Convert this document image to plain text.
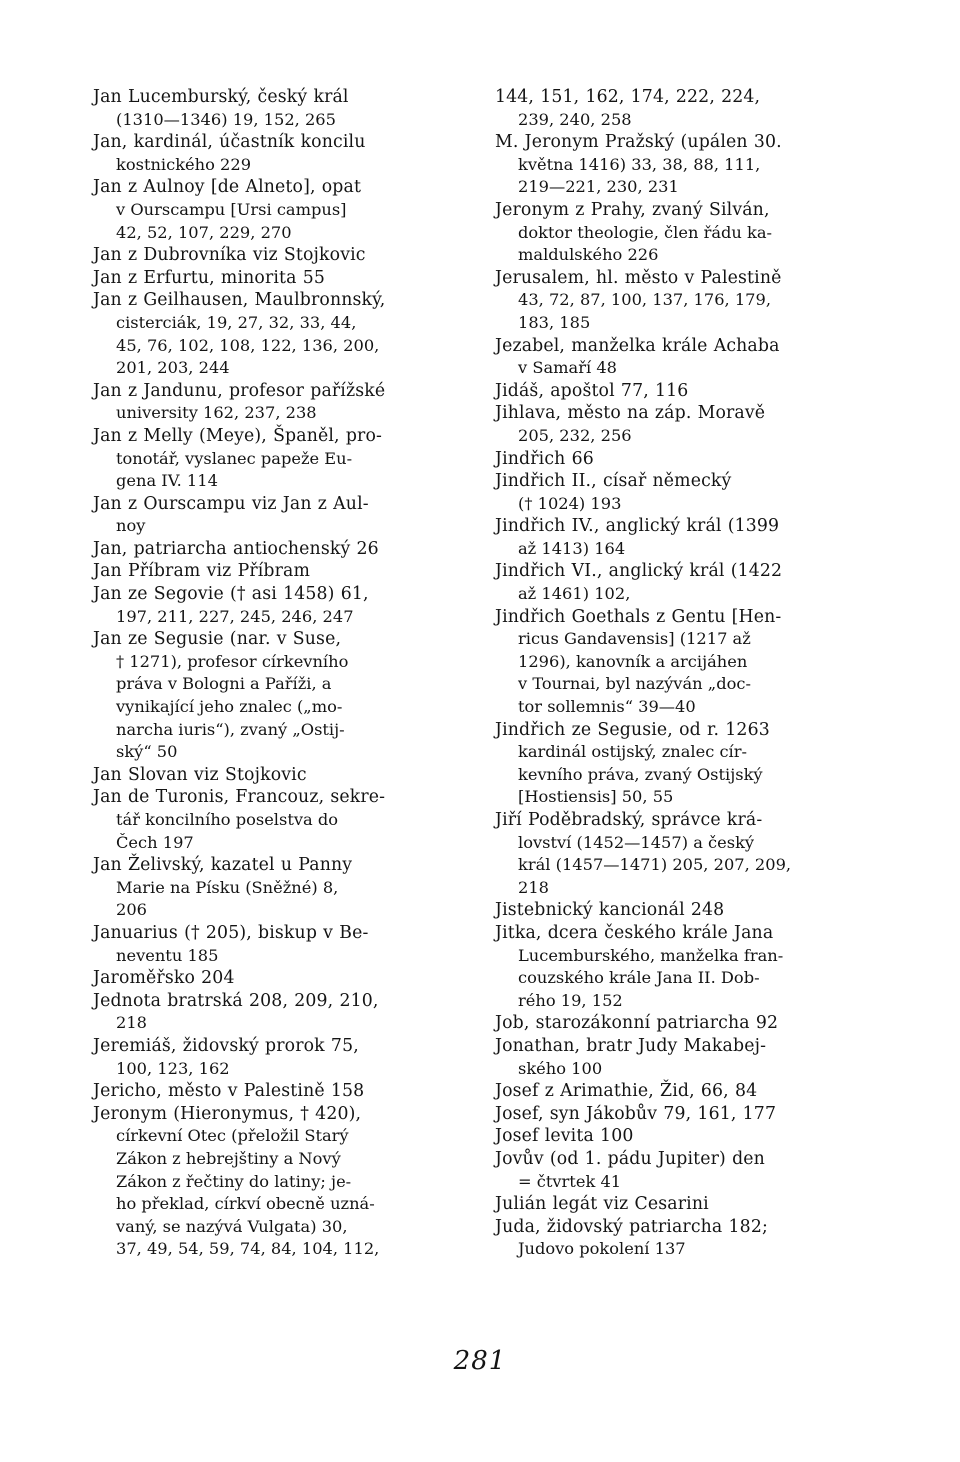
Jan Lucemburský, český král
(1310—1346) 19, 152, 265
Jan, kardinál, účastník koncilu
kostnického 229
Jan z Aulnoy [de Alneto], opat
v Ourscampu [Ursi campus]
42, 52, 107, 229, 270
Jan z Dubrovníka viz Stojkovic
Jan z Erfurtu, minorita 55
Jan z Geilhausen, Maulbronnský,
cisterciák, 19, 27, 32, 33, 44,
45, 76, 102, 108, 122, 136, 200,
201, 203, 244
Jan z Jandunu, profesor pařížské
university 162, 237, 238
Jan z Melly (Meye), Španěl, pro-
tonotář, vyslanec papeže Eu-
gena IV. 114
Jan z Ourscampu viz Jan z Aul-
noy
Jan, patriarcha antiochenský 26
Jan Příbram viz Příbram
Jan ze Segovie († asi 1458) 61,
197, 211, 227, 245, 246, 247
Jan ze Segusie (nar. v Suse,
† 1271), profesor církevního
práva v Bologni a Paříži, a
vynikající jeho znalec („mo-
narcha iuris“), zvaný „Ostij-
ský“ 50
Jan Slovan viz Stojkovic
Jan de Turonis, Francouz, sekre-
tář koncilního poselstva do
Čech 197
Jan Želivský, kazatel u Panny
Marie na Písku (Sněžné) 8,
206
Januarius († 205), biskup v Be-
neventu 185
Jaroměřsko 204
Jednota bratrská 208, 209, 210,
218
Jeremiáš, židovský prorok 75,
100, 123, 162
Jericho, město v Palestině 158
Jeronym (Hieronymus, † 420),
církevní Otec (přeložil Starý
Zákon z hebrejštiny a Nový
Zákon z řečtiny do latiny; je-
ho překlad, církví obecně uzná-
vaný, se nazývá Vulgata) 30,
37, 49, 54, 59, 74, 84, 104, 112,
144, 151, 162, 174, 222, 224,
239, 240, 258
M. Jeronym Pražský (upálen 30.
května 1416) 33, 38, 88, 111,
219—221, 230, 231
Jeronym z Prahy, zvaný Silván,
doktor theologie, člen řádu ka-
maldulského 226
Jerusalem, hl. město v Palestině
43, 72, 87, 100, 137, 176, 179,
183, 185
Jezabel, manželka krále Achaba
v Samaří 48
Jidáš, apoštol 77, 116
Jihlava, město na záp. Moravě
205, 232, 256
Jindřich 66
Jindřich II., císař německý
(† 1024) 193
Jindřich IV., anglický král (1399
až 1413) 164
Jindřich VI., anglický král (1422
až 1461) 102,
Jindřich Goethals z Gentu [Hen-
ricus Gandavensis] (1217 až
1296), kanovník a arcijáhen
v Tournai, byl nazýván „doc-
tor sollemnis“ 39—40
Jindřich ze Segusie, od r. 1263
kardinál ostijský, znalec cír-
kevního práva, zvaný Ostijský
[Hostiensis] 50, 55
Jiří Poděbradský, správce krá-
lovství (1452—1457) a český
král (1457—1471) 205, 207, 209,
218
Jistebnický kancionál 248
Jitka, dcera českého krále Jana
Lucemburského, manželka fran-
couzského krále Jana II. Dob-
rého 19, 152
Job, starozákonní patriarcha 92
Jonathan, bratr Judy Makabej-
ského 100
Josef z Arimathie, Žid, 66, 84
Josef, syn Jákobův 79, 161, 177
Josef levita 100
Jovův (od 1. pádu Jupiter) den
= čtvrtek 41
Julián legát viz Cesarini
Juda, židovský patriarcha 182;
Judovo pokolení 137
281
